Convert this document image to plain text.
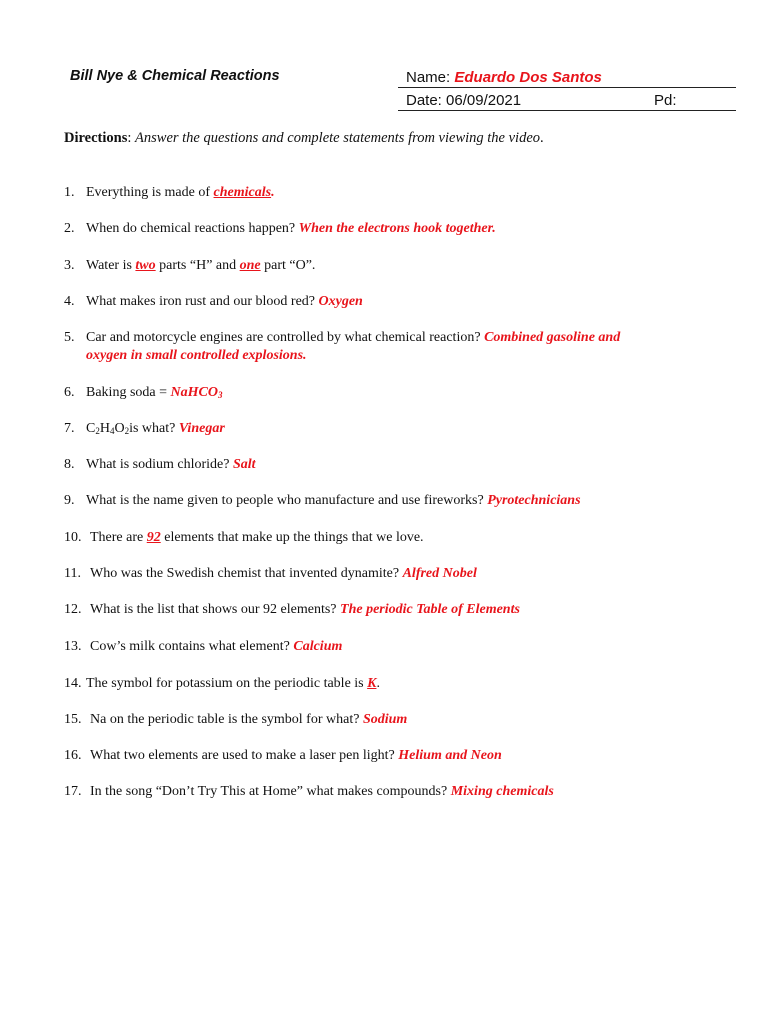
Bill Nye & Chemical Reactions	Name: Eduardo Dos Santos
Date: 06/09/2021	Pd:
Directions: Answer the questions and complete statements from viewing the video.
1. Everything is made of chemicals.
2. When do chemical reactions happen? When the electrons hook together.
3. Water is two parts “H” and one part “O”.
4. What makes iron rust and our blood red? Oxygen
5. Car and motorcycle engines are controlled by what chemical reaction? Combined gasoline and
oxygen in small controlled explosions.
6. Baking soda = NaHCO$_3$
7. $C_2H_4O_2is$ what? Vinegar
8. What is sodium chloride? Salt
9. What is the name given to people who manufacture and use fireworks? Pyrotechnicians
10. There are 92 elements that make up the things that we love.
11. Who was the Swedish chemist that invented dynamite? Alfred Nobel
12. What is the list that shows our 92 elements? The periodic Table of Elements
13. Cow’s milk contains what element? Calcium
14. The symbol for potassium on the periodic table is K.
15. Na on the periodic table is the symbol for what? Sodium
16. What two elements are used to make a laser pen light? Helium and Neon
17. In the song “Don’t Try This at Home” what makes compounds? Mixing chemicals
